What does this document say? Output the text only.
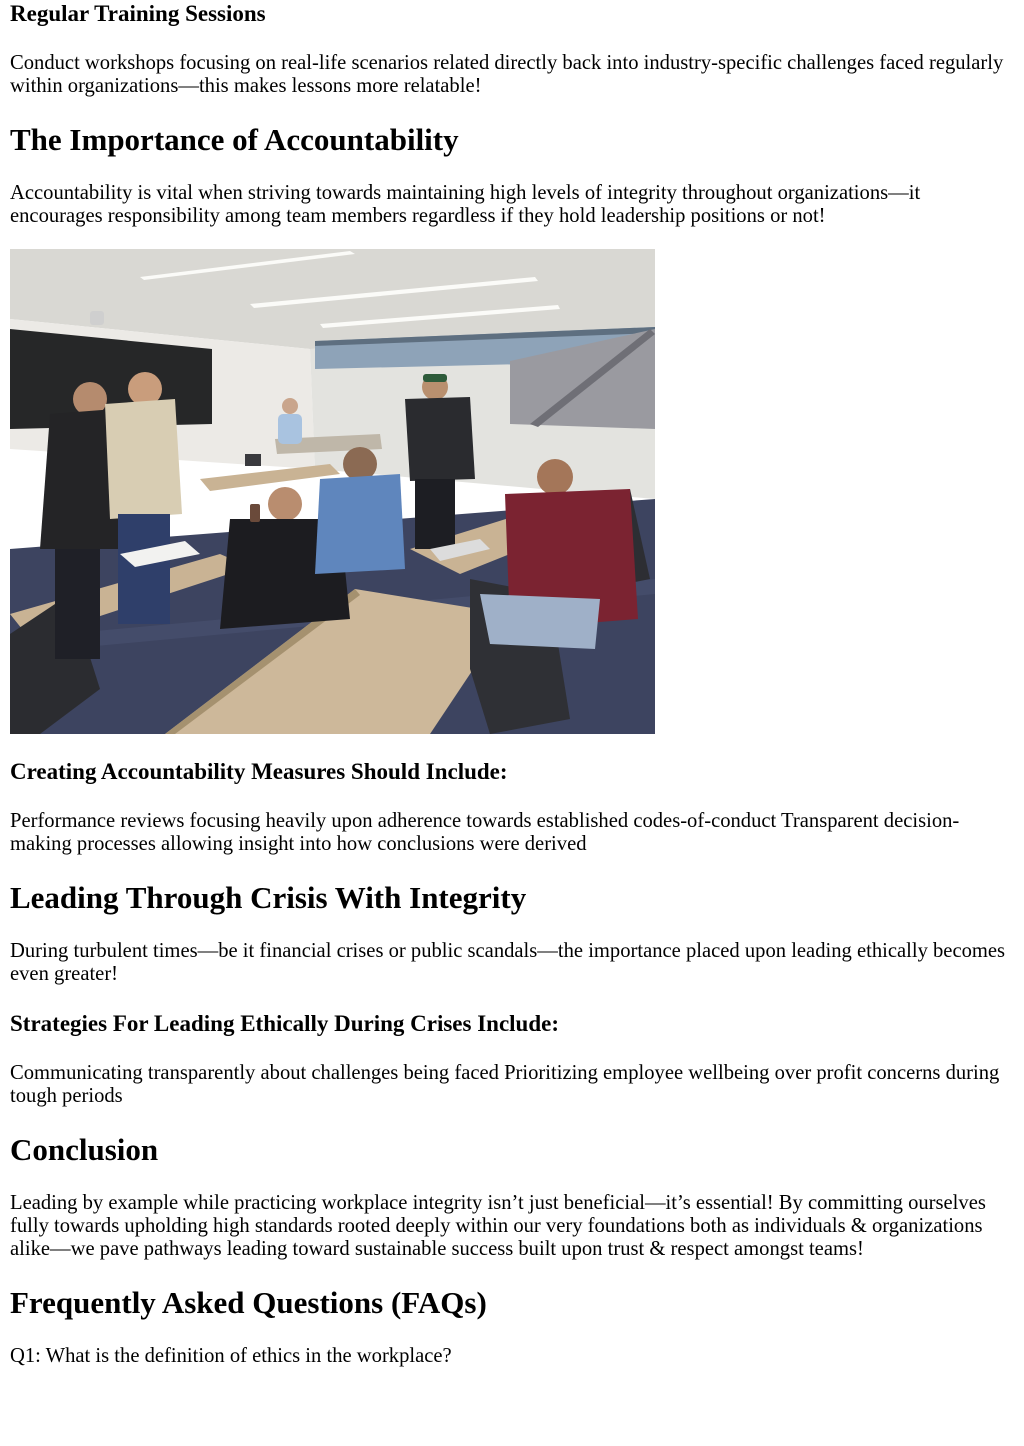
Regular Training Sessions

Conduct workshops focusing on real-life scenarios related directly back into industry-specific challenges faced regularly within organizations—this makes lessons more relatable!

The Importance of Accountability

Accountability is vital when striving towards maintaining high levels of integrity throughout organizations—it encourages responsibility among team members regardless if they hold leadership positions or not!

Creating Accountability Measures Should Include:

Performance reviews focusing heavily upon adherence towards established codes-of-conduct Transparent decision-making processes allowing insight into how conclusions were derived

Leading Through Crisis With Integrity

During turbulent times—be it financial crises or public scandals—the importance placed upon leading ethically becomes even greater!

Strategies For Leading Ethically During Crises Include:

Communicating transparently about challenges being faced Prioritizing employee wellbeing over profit concerns during tough periods

Conclusion

Leading by example while practicing workplace integrity isn’t just beneficial—it’s essential! By committing ourselves fully towards upholding high standards rooted deeply within our very foundations both as individuals & organizations alike—we pave pathways leading toward sustainable success built upon trust & respect amongst teams!

Frequently Asked Questions (FAQs)

Q1: What is the definition of ethics in the workplace?
